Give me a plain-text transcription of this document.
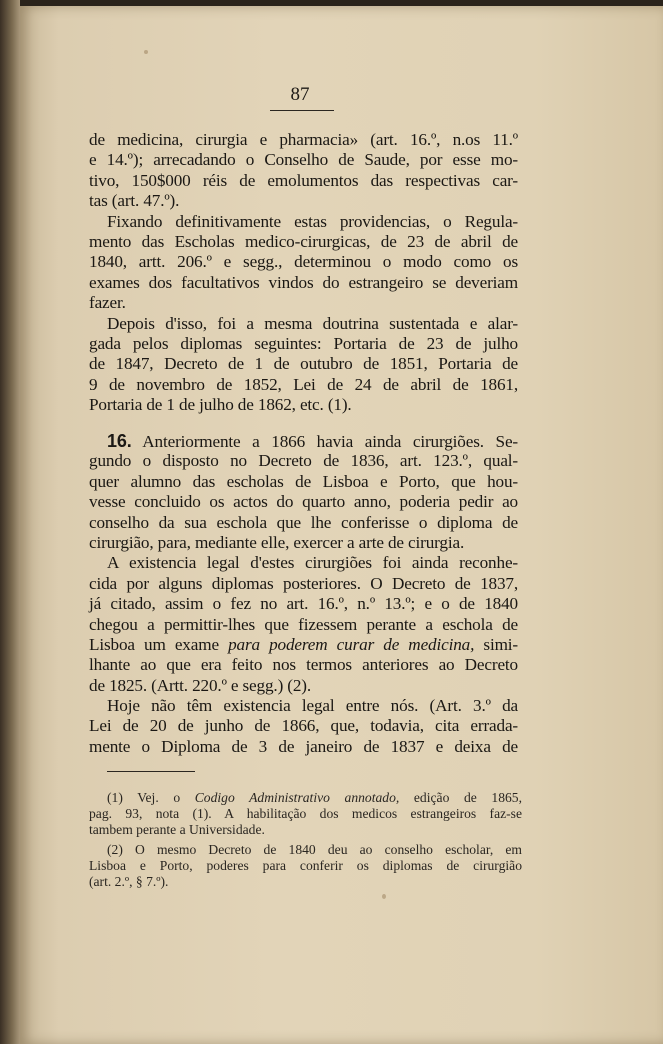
87
de medicina, cirurgia e pharmacia» (art. 16.º, n.os 11.º
e 14.º); arrecadando o Conselho de Saude, por esse mo-
tivo, 150$000 réis de emolumentos das respectivas car-
tas (art. 47.º).
Fixando definitivamente estas providencias, o Regula-
mento das Escholas medico-cirurgicas, de 23 de abril de
1840, artt. 206.º e segg., determinou o modo como os
exames dos facultativos vindos do estrangeiro se deveriam
fazer.
Depois d'isso, foi a mesma doutrina sustentada e alar-
gada pelos diplomas seguintes: Portaria de 23 de julho
de 1847, Decreto de 1 de outubro de 1851, Portaria de
9 de novembro de 1852, Lei de 24 de abril de 1861,
Portaria de 1 de julho de 1862, etc. (1).
16. Anteriormente a 1866 havia ainda cirurgiões. Se-
gundo o disposto no Decreto de 1836, art. 123.º, qual-
quer alumno das escholas de Lisboa e Porto, que hou-
vesse concluido os actos do quarto anno, poderia pedir ao
conselho da sua eschola que lhe conferisse o diploma de
cirurgião, para, mediante elle, exercer a arte de cirurgia.
A existencia legal d'estes cirurgiões foi ainda reconhe-
cida por alguns diplomas posteriores. O Decreto de 1837,
já citado, assim o fez no art. 16.º, n.º 13.º; e o de 1840
chegou a permittir-lhes que fizessem perante a eschola de
Lisboa um exame para poderem curar de medicina, simi-
lhante ao que era feito nos termos anteriores ao Decreto
de 1825. (Artt. 220.º e segg.) (2).
Hoje não têm existencia legal entre nós. (Art. 3.º da
Lei de 20 de junho de 1866, que, todavia, cita errada-
mente o Diploma de 3 de janeiro de 1837 e deixa de
(1) Vej. o Codigo Administrativo annotado, edição de 1865,
pag. 93, nota (1). A habilitação dos medicos estrangeiros faz-se
tambem perante a Universidade.
(2) O mesmo Decreto de 1840 deu ao conselho escholar, em
Lisboa e Porto, poderes para conferir os diplomas de cirurgião
(art. 2.º, § 7.º).
